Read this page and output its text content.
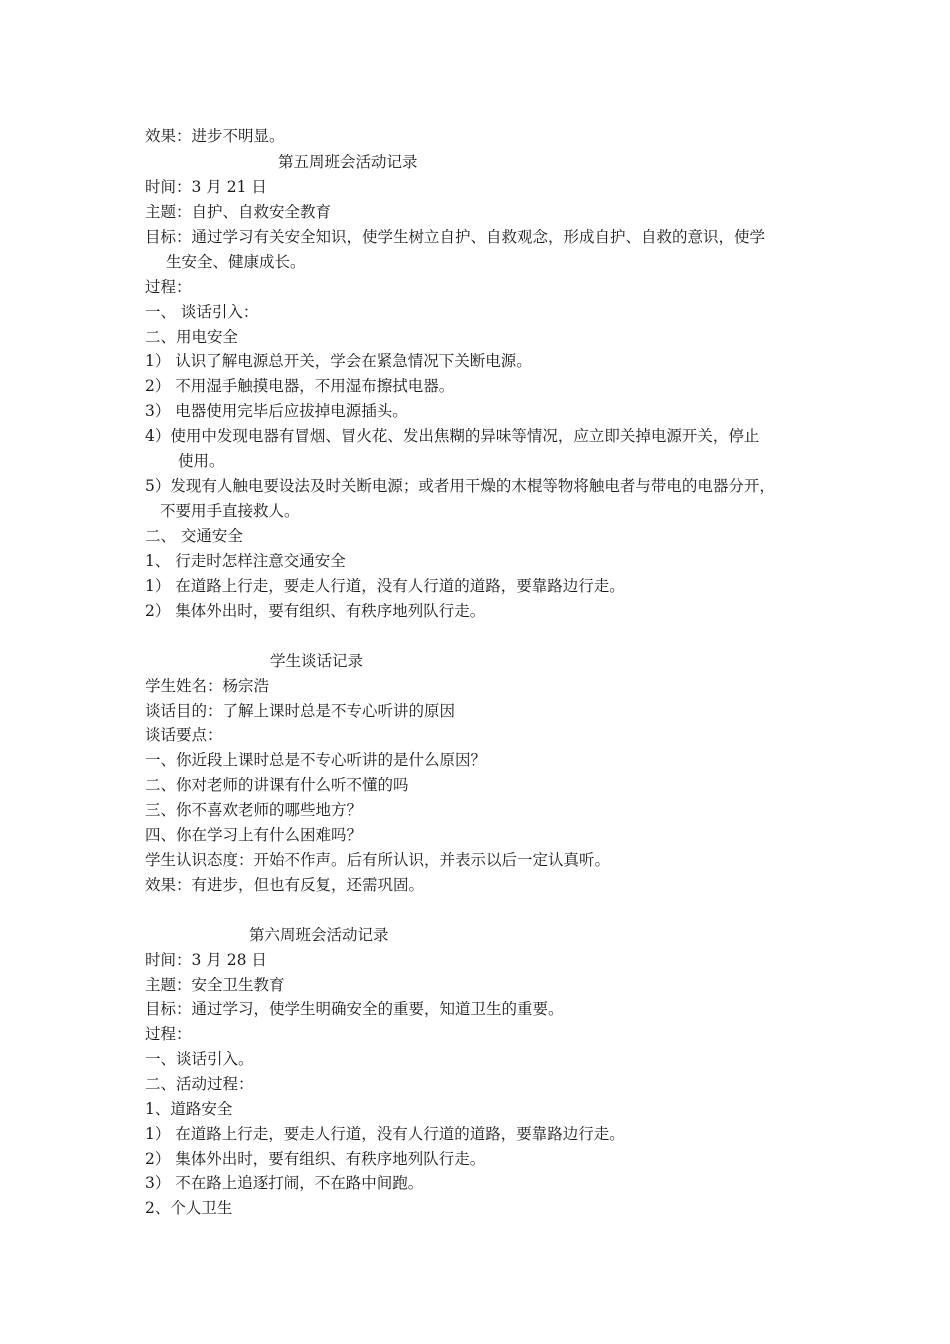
效果：进步不明显。
第五周班会活动记录
时间：3 月 21 日
主题：自护、自救安全教育
目标：通过学习有关安全知识，使学生树立自护、自救观念，形成自护、自救的意识，使学
生安全、健康成长。
过程：
一、 谈话引入：
二、用电安全
1） 认识了解电源总开关，学会在紧急情况下关断电源。
2） 不用湿手触摸电器，不用湿布擦拭电器。
3） 电器使用完毕后应拔掉电源插头。
4）使用中发现电器有冒烟、冒火花、发出焦糊的异味等情况，应立即关掉电源开关，停止
使用。
5）发现有人触电要设法及时关断电源；或者用干燥的木棍等物将触电者与带电的电器分开，
不要用手直接救人。
二、 交通安全
1、 行走时怎样注意交通安全
1） 在道路上行走，要走人行道，没有人行道的道路，要靠路边行走。
2） 集体外出时，要有组织、有秩序地列队行走。
学生谈话记录
学生姓名：杨宗浩
谈话目的：了解上课时总是不专心听讲的原因
谈话要点：
一、你近段上课时总是不专心听讲的是什么原因？
二、你对老师的讲课有什么听不懂的吗
三、你不喜欢老师的哪些地方？
四、你在学习上有什么困难吗？
学生认识态度：开始不作声。后有所认识，并表示以后一定认真听。
效果：有进步，但也有反复，还需巩固。
第六周班会活动记录
时间：3 月 28 日
主题：安全卫生教育
目标：通过学习，使学生明确安全的重要，知道卫生的重要。
过程：
一、谈话引入。
二、活动过程：
1、道路安全
1） 在道路上行走，要走人行道，没有人行道的道路，要靠路边行走。
2） 集体外出时，要有组织、有秩序地列队行走。
3） 不在路上追逐打闹，不在路中间跑。
2、个人卫生
